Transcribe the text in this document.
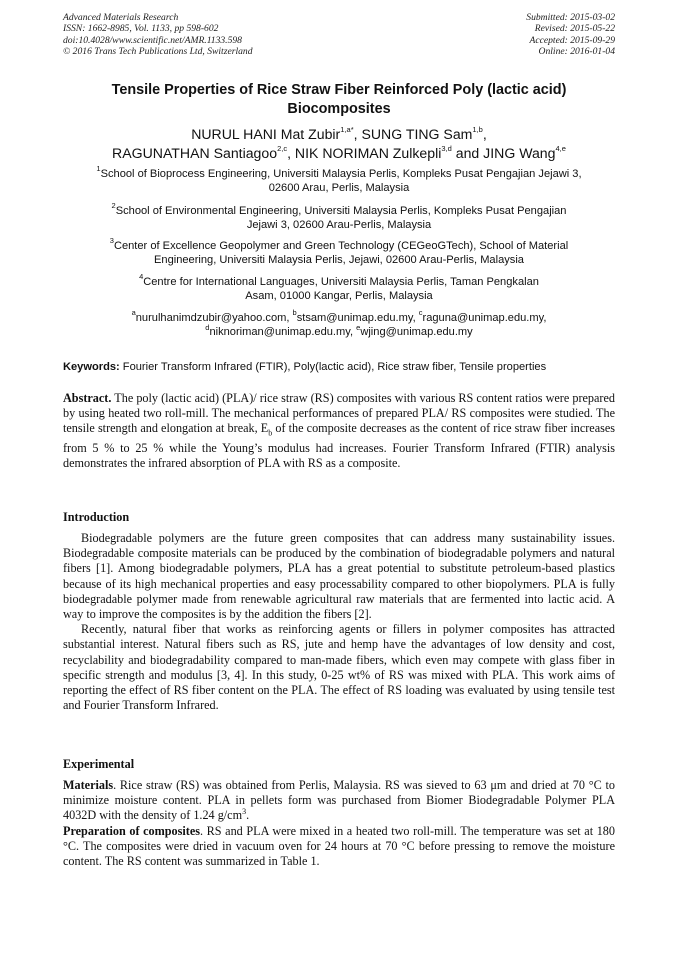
Advanced Materials Research
ISSN: 1662-8985, Vol. 1133, pp 598-602
doi:10.4028/www.scientific.net/AMR.1133.598
© 2016 Trans Tech Publications Ltd, Switzerland
Submitted: 2015-03-02
Revised: 2015-05-22
Accepted: 2015-09-29
Online: 2016-01-04
Tensile Properties of Rice Straw Fiber Reinforced Poly (lactic acid)
Biocomposites
NURUL HANI Mat Zubir$^{1,a*}$, SUNG TING Sam$^{1,b}$,
RAGUNATHAN Santiagoo$^{2,c}$, NIK NORIMAN Zulkepli$^{3,d}$ and JING Wang$^{4,e}$
$^1$School of Bioprocess Engineering, Universiti Malaysia Perlis, Kompleks Pusat Pengajian Jejawi 3,
02600 Arau, Perlis, Malaysia
$^2$School of Environmental Engineering, Universiti Malaysia Perlis, Kompleks Pusat Pengajian
Jejawi 3, 02600 Arau-Perlis, Malaysia
$^3$Center of Excellence Geopolymer and Green Technology (CEGeoGTech), School of Material
Engineering, Universiti Malaysia Perlis, Jejawi, 02600 Arau-Perlis, Malaysia
$^4$Centre for International Languages, Universiti Malaysia Perlis, Taman Pengkalan
Asam, 01000 Kangar, Perlis, Malaysia
$^a$nurulhanimdzubir@yahoo.com, $^b$stsam@unimap.edu.my, $^c$raguna@unimap.edu.my,
$^d$niknoriman@unimap.edu.my, $^e$wjing@unimap.edu.my
Keywords: Fourier Transform Infrared (FTIR), Poly(lactic acid), Rice straw fiber, Tensile properties

Abstract. The poly (lactic acid) (PLA)/ rice straw (RS) composites with various RS content ratios were prepared by using heated two roll-mill. The mechanical performances of prepared PLA/ RS composites were studied. The tensile strength and elongation at break, $E_b$ of the composite decreases as the content of rice straw fiber increases from 5 % to 25 % while the Young’s modulus had increases. Fourier Transform Infrared (FTIR) analysis demonstrates the infrared absorption of PLA with RS as a composite.

Introduction

Biodegradable polymers are the future green composites that can address many sustainability issues. Biodegradable composite materials can be produced by the combination of biodegradable polymers and natural fibers [1]. Among biodegradable polymers, PLA has a great potential to substitute petroleum-based plastics because of its high mechanical properties and easy processability compared to other biopolymers. PLA is fully biodegradable polymer made from renewable agricultural raw materials that are fermented into lactic acid. A way to improve the composites is by the addition the fibers [2].

Recently, natural fiber that works as reinforcing agents or fillers in polymer composites has attracted substantial interest. Natural fibers such as RS, jute and hemp have the advantages of low density and cost, recyclability and biodegradability compared to man-made fibers, which even may compete with glass fiber in specific strength and modulus [3, 4]. In this study, 0-25 wt% of RS was mixed with PLA. This work aims of reporting the effect of RS fiber content on the PLA. The effect of RS loading was evaluated by using tensile test and Fourier Transform Infrared.

Experimental

Materials. Rice straw (RS) was obtained from Perlis, Malaysia. RS was sieved to 63 μm and dried at 70 °C to minimize moisture content. PLA in pellets form was purchased from Biomer Biodegradable Polymer PLA 4032D with the density of 1.24 $g/cm^3$.

Preparation of composites. RS and PLA were mixed in a heated two roll-mill. The temperature was set at 180 °C. The composites were dried in vacuum oven for 24 hours at 70 °C before pressing to remove the moisture content. The RS content was summarized in Table 1.
